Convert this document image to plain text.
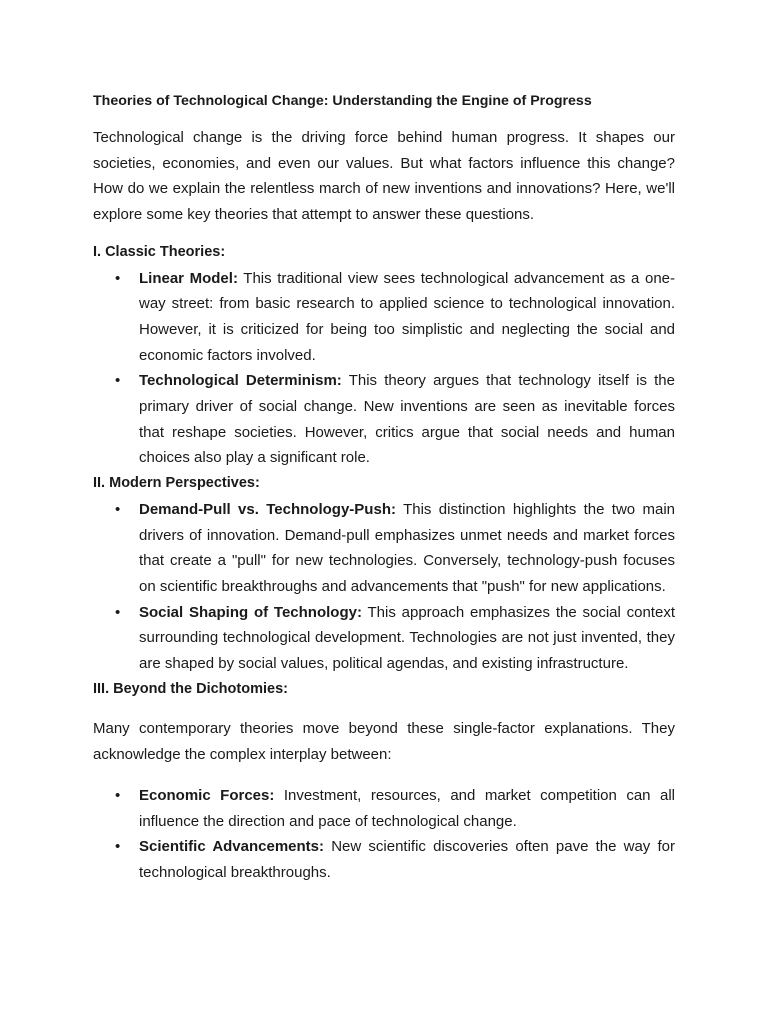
Theories of Technological Change: Understanding the Engine of Progress

Technological change is the driving force behind human progress. It shapes our societies, economies, and even our values. But what factors influence this change? How do we explain the relentless march of new inventions and innovations? Here, we'll explore some key theories that attempt to answer these questions.

I. Classic Theories:
• Linear Model: This traditional view sees technological advancement as a one-way street: from basic research to applied science to technological innovation. However, it is criticized for being too simplistic and neglecting the social and economic factors involved.
• Technological Determinism: This theory argues that technology itself is the primary driver of social change. New inventions are seen as inevitable forces that reshape societies. However, critics argue that social needs and human choices also play a significant role.
II. Modern Perspectives:
• Demand-Pull vs. Technology-Push: This distinction highlights the two main drivers of innovation. Demand-pull emphasizes unmet needs and market forces that create a "pull" for new technologies. Conversely, technology-push focuses on scientific breakthroughs and advancements that "push" for new applications.
• Social Shaping of Technology: This approach emphasizes the social context surrounding technological development. Technologies are not just invented, they are shaped by social values, political agendas, and existing infrastructure.
III. Beyond the Dichotomies:

Many contemporary theories move beyond these single-factor explanations. They acknowledge the complex interplay between:

• Economic Forces: Investment, resources, and market competition can all influence the direction and pace of technological change.
• Scientific Advancements: New scientific discoveries often pave the way for technological breakthroughs.
